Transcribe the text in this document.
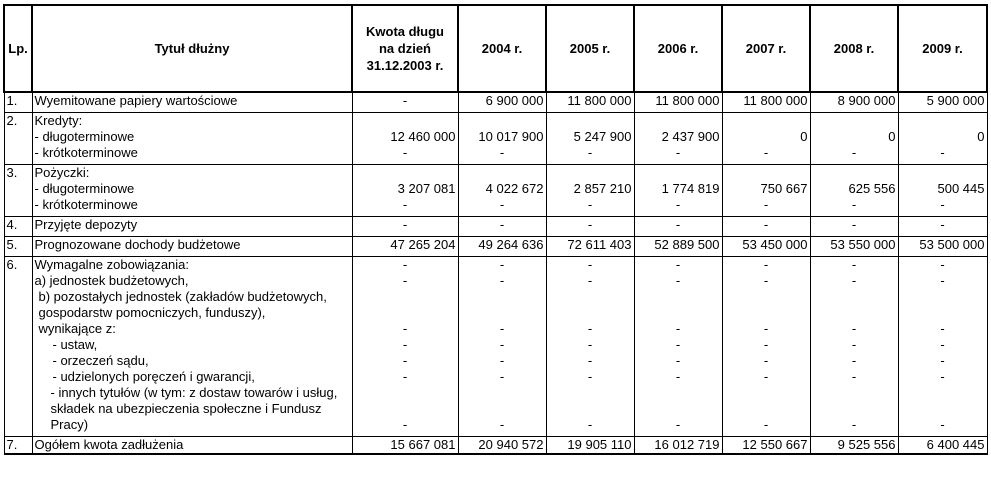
Lp.	Tytuł dłużny	Kwota długu
na dzień
31.12.2003 r.	2004 r.	2005 r.	2006 r.	2007 r.	2008 r.	2009 r.
1.	Wyemitowane papiery wartościowe	-	6 900 000	11 800 000	11 800 000	11 800 000	8 900 000	5 900 000

2.	Kredyty:							

	- długoterminowe	12 460 000	10 017 900	5 247 900	2 437 900	0	0	0

	- krótkoterminowe	-	-	-	-	-	-	-

3.	Pożyczki:							

	- długoterminowe	3 207 081	4 022 672	2 857 210	1 774 819	750 667	625 556	500 445

	- krótkoterminowe	-	-	-	-	-	-	-

4.	Przyjęte depozyty	-	-	-	-	-	-	-

5.	Prognozowane dochody budżetowe	47 265 204	49 264 636	72 611 403	52 889 500	53 450 000	53 550 000	53 500 000

6.	Wymagalne zobowiązania:	-	-	-	-	-	-	-

	a) jednostek budżetowych,	-	-	-	-	-	-	-

	b) pozostałych jednostek (zakładów budżetowych, gospodarstw pomocniczych, funduszy), wynikające z:	-	-	-	-	-	-	-

	- ustaw,	-	-	-	-	-	-	-

	- orzeczeń sądu,	-	-	-	-	-	-	-

	- udzielonych poręczeń i gwarancji,	-	-	-	-	-	-	-

	- innych tytułów (w tym: z dostaw towarów i usług, składek na ubezpieczenia społeczne i Fundusz Pracy)	-	-	-	-	-	-	-

7.	Ogółem kwota zadłużenia	15 667 081	20 940 572	19 905 110	16 012 719	12 550 667	9 525 556	6 400 445
